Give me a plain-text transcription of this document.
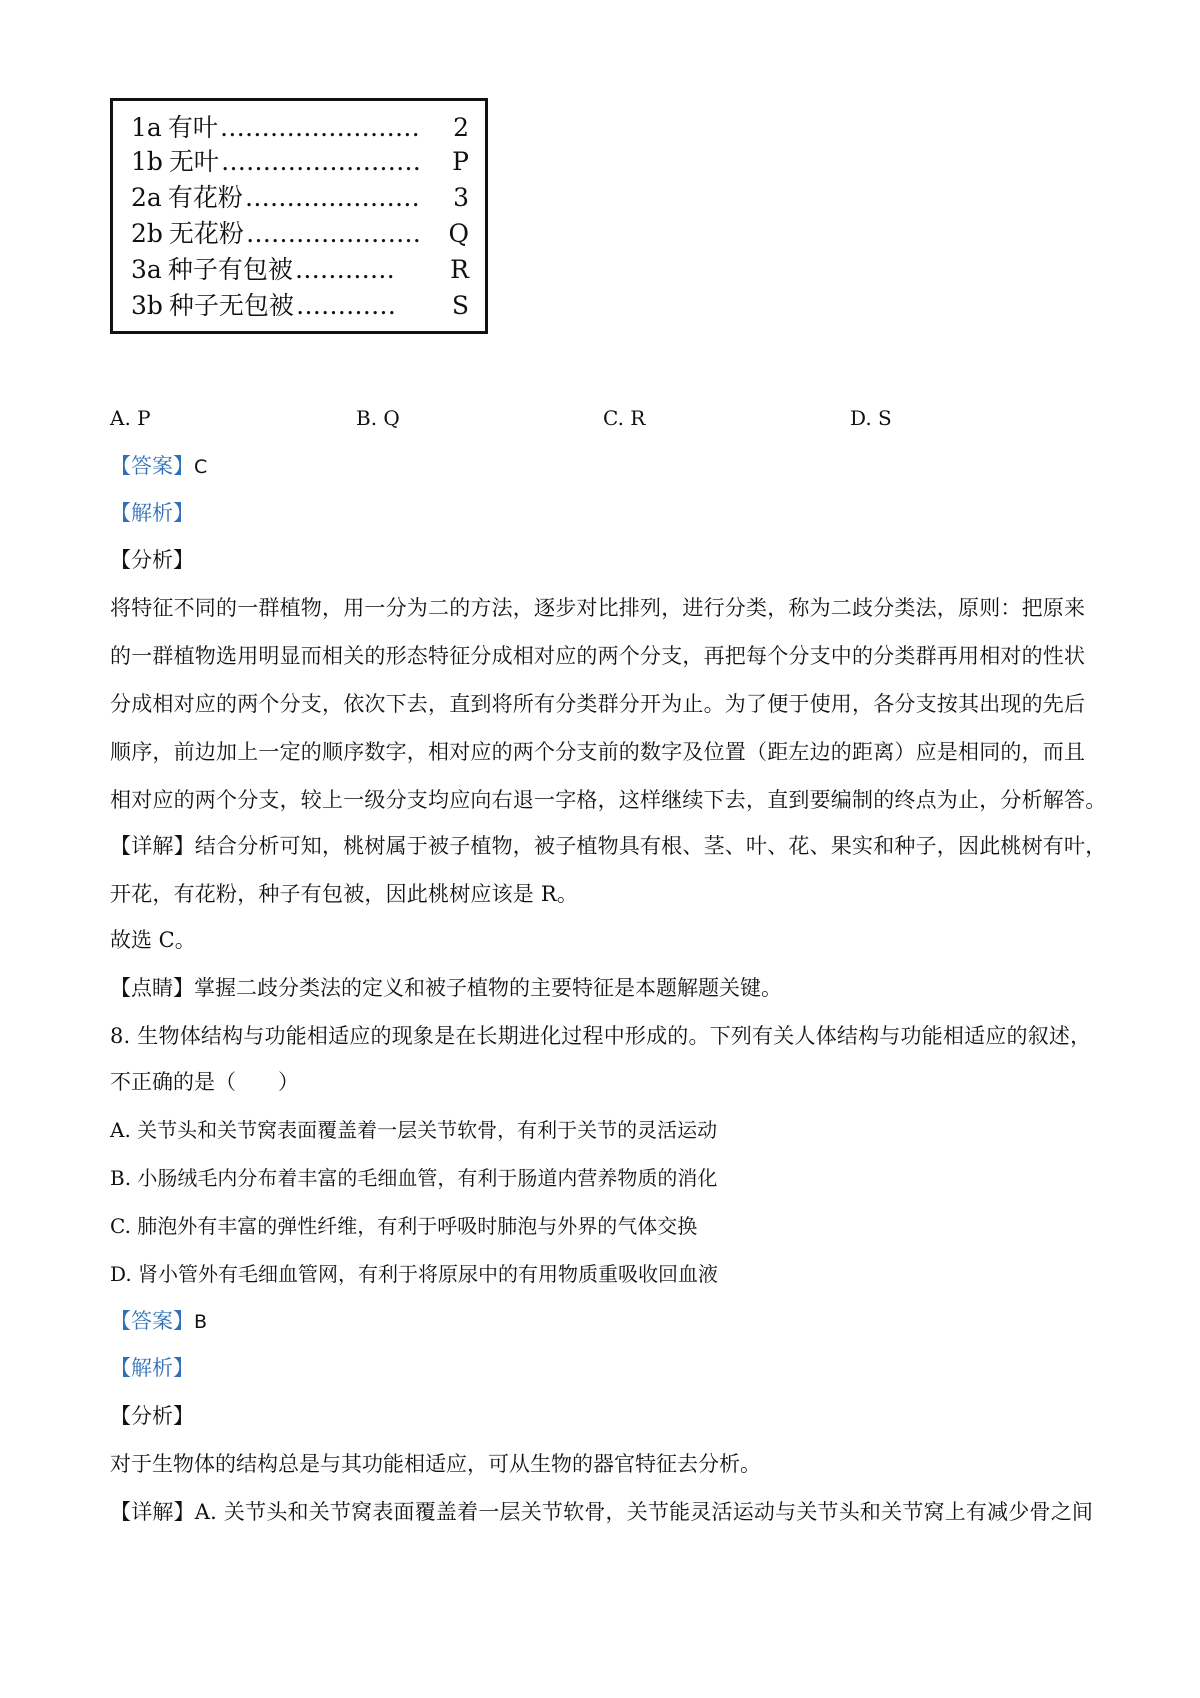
1a 有叶 ……………………	2
1b 无叶 ……………………	P
2a 有花粉 …………………	3
2b 无花粉 …………………	Q
3a 种子有包被 …………	R
3b 种子无包被 …………	S
A. P	B. Q	C. R	D. S
【答案】C
【解析】
【分析】
将特征不同的一群植物，用一分为二的方法，逐步对比排列，进行分类，称为二歧分类法，原则：把原来
的一群植物选用明显而相关的形态特征分成相对应的两个分支，再把每个分支中的分类群再用相对的性状
分成相对应的两个分支，依次下去，直到将所有分类群分开为止。为了便于使用，各分支按其出现的先后
顺序，前边加上一定的顺序数字，相对应的两个分支前的数字及位置（距左边的距离）应是相同的，而且
相对应的两个分支，较上一级分支均应向右退一字格，这样继续下去，直到要编制的终点为止，分析解答。
【详解】结合分析可知，桃树属于被子植物，被子植物具有根、茎、叶、花、果实和种子，因此桃树有叶，
开花，有花粉，种子有包被，因此桃树应该是 R。
故选 C。
【点睛】掌握二歧分类法的定义和被子植物的主要特征是本题解题关键。
8. 生物体结构与功能相适应的现象是在长期进化过程中形成的。下列有关人体结构与功能相适应的叙述，
不正确的是（　　）
A. 关节头和关节窝表面覆盖着一层关节软骨，有利于关节的灵活运动
B. 小肠绒毛内分布着丰富的毛细血管，有利于肠道内营养物质的消化
C. 肺泡外有丰富的弹性纤维，有利于呼吸时肺泡与外界的气体交换
D. 肾小管外有毛细血管网，有利于将原尿中的有用物质重吸收回血液
【答案】B
【解析】
【分析】
对于生物体的结构总是与其功能相适应，可从生物的器官特征去分析。
【详解】A. 关节头和关节窝表面覆盖着一层关节软骨，关节能灵活运动与关节头和关节窝上有减少骨之间
